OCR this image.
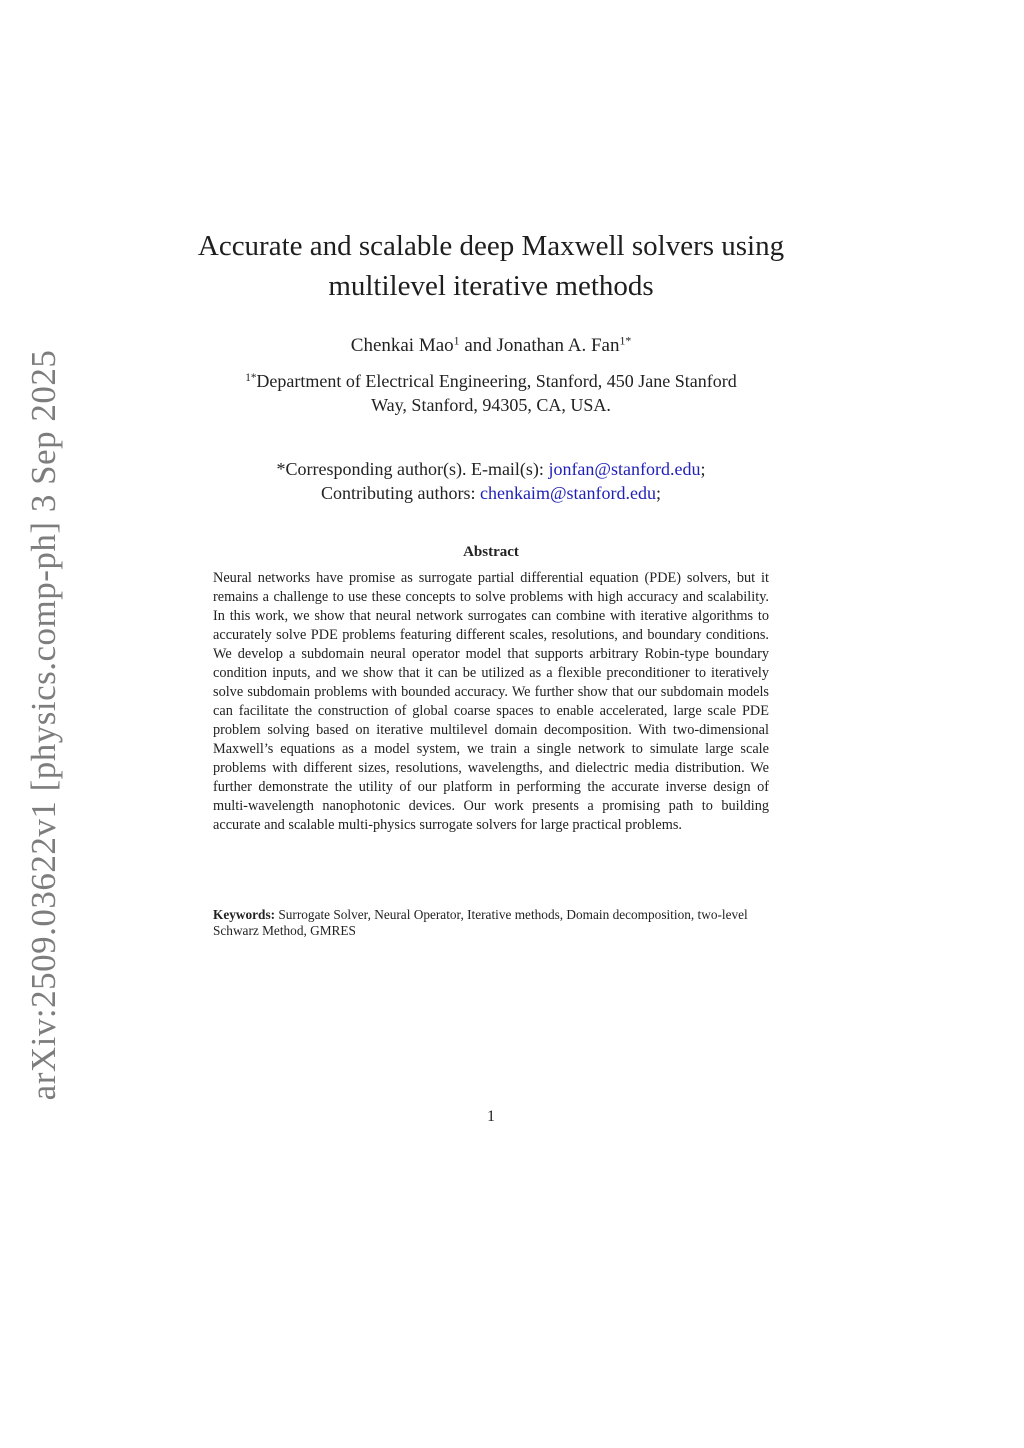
arXiv:2509.03622v1 [physics.comp-ph] 3 Sep 2025
Accurate and scalable deep Maxwell solvers using
multilevel iterative methods
Chenkai Mao$^1$ and Jonathan A. Fan$^{1*}$
$^{1*}$Department of Electrical Engineering, Stanford, 450 Jane Stanford
Way, Stanford, 94305, CA, USA.
*Corresponding author(s). E-mail(s): jonfan@stanford.edu;
Contributing authors: chenkaim@stanford.edu;
Abstract
Neural networks have promise as surrogate partial differential equation (PDE) solvers, but it remains a challenge to use these concepts to solve problems with high accuracy and scalability. In this work, we show that neural network surrogates can combine with iterative algorithms to accurately solve PDE problems featuring different scales, resolutions, and boundary conditions. We develop a subdomain neural operator model that supports arbitrary Robin-type boundary condition inputs, and we show that it can be utilized as a flexible preconditioner to iteratively solve subdomain problems with bounded accuracy. We further show that our subdomain models can facilitate the construction of global coarse spaces to enable accelerated, large scale PDE problem solving based on iterative multilevel domain decomposition. With two-dimensional Maxwell’s equations as a model system, we train a single network to simulate large scale problems with different sizes, resolutions, wavelengths, and dielectric media distribution. We further demonstrate the utility of our platform in performing the accurate inverse design of multi-wavelength nanophotonic devices. Our work presents a promising path to building accurate and scalable multi-physics surrogate solvers for large practical problems.
Keywords: Surrogate Solver, Neural Operator, Iterative methods, Domain decomposition, two-level Schwarz Method, GMRES
1
